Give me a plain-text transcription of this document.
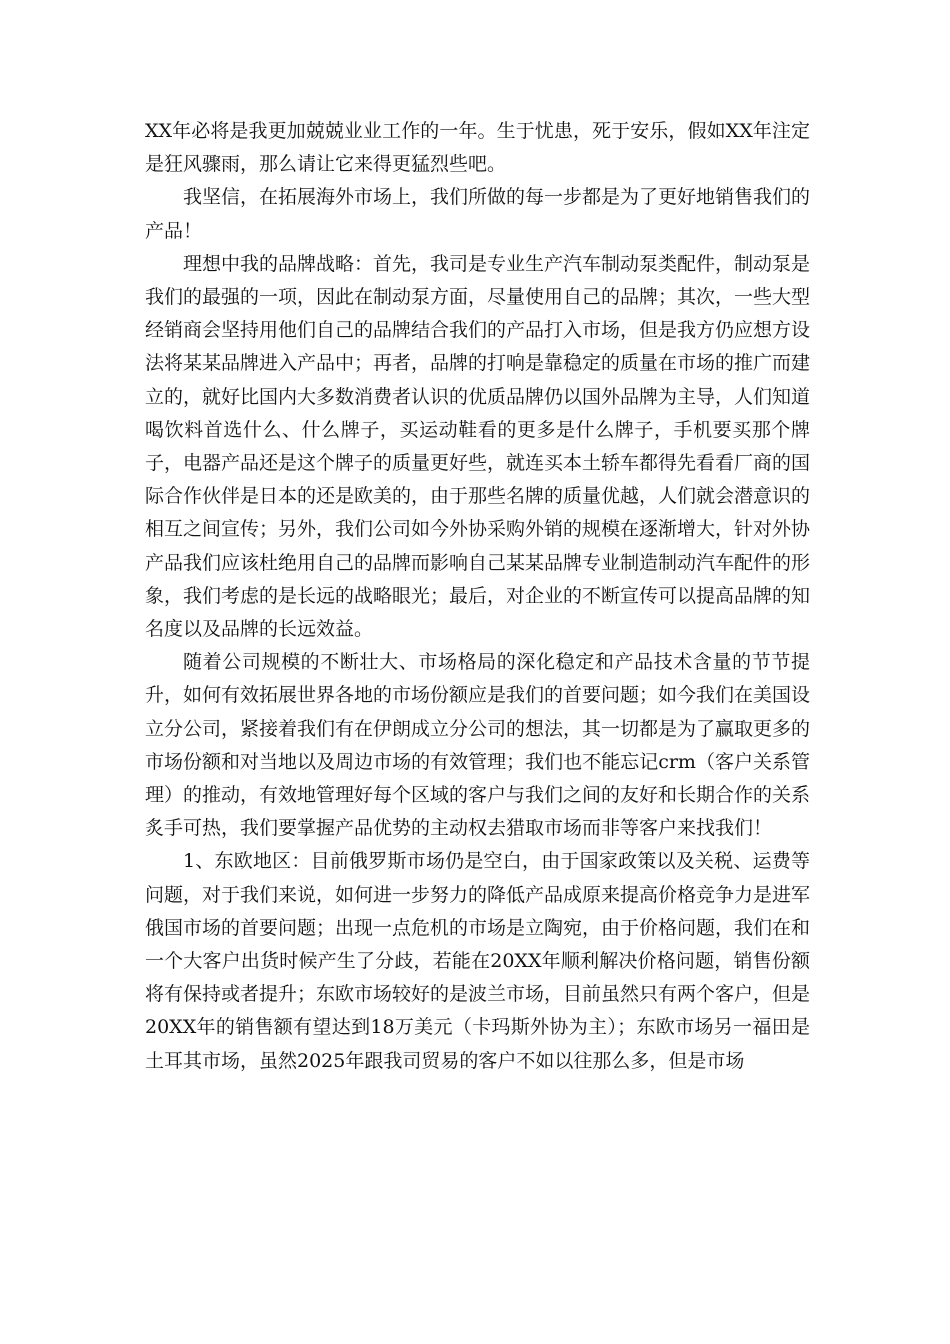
XX年必将是我更加兢兢业业工作的一年。生于忧患，死于安乐，假如XX年注定是狂风骤雨，那么请让它来得更猛烈些吧。

我坚信，在拓展海外市场上，我们所做的每一步都是为了更好地销售我们的产品！

理想中我的品牌战略：首先，我司是专业生产汽车制动泵类配件，制动泵是我们的最强的一项，因此在制动泵方面，尽量使用自己的品牌；其次，一些大型经销商会坚持用他们自己的品牌结合我们的产品打入市场，但是我方仍应想方设法将某某品牌进入产品中；再者，品牌的打响是靠稳定的质量在市场的推广而建立的，就好比国内大多数消费者认识的优质品牌仍以国外品牌为主导，人们知道喝饮料首选什么、什么牌子，买运动鞋看的更多是什么牌子，手机要买那个牌子，电器产品还是这个牌子的质量更好些，就连买本土轿车都得先看看厂商的国际合作伙伴是日本的还是欧美的，由于那些名牌的质量优越，人们就会潜意识的相互之间宣传；另外，我们公司如今外协采购外销的规模在逐渐增大，针对外协产品我们应该杜绝用自己的品牌而影响自己某某品牌专业制造制动汽车配件的形象，我们考虑的是长远的战略眼光；最后，对企业的不断宣传可以提高品牌的知名度以及品牌的长远效益。

随着公司规模的不断壮大、市场格局的深化稳定和产品技术含量的节节提升，如何有效拓展世界各地的市场份额应是我们的首要问题；如今我们在美国设立分公司，紧接着我们有在伊朗成立分公司的想法，其一切都是为了赢取更多的市场份额和对当地以及周边市场的有效管理；我们也不能忘记crm（客户关系管理）的推动，有效地管理好每个区域的客户与我们之间的友好和长期合作的关系炙手可热，我们要掌握产品优势的主动权去猎取市场而非等客户来找我们！

1、东欧地区：目前俄罗斯市场仍是空白，由于国家政策以及关税、运费等问题，对于我们来说，如何进一步努力的降低产品成原来提高价格竞争力是进军俄国市场的首要问题；出现一点危机的市场是立陶宛，由于价格问题，我们在和一个大客户出货时候产生了分歧，若能在20XX年顺利解决价格问题，销售份额将有保持或者提升；东欧市场较好的是波兰市场，目前虽然只有两个客户，但是20XX年的销售额有望达到18万美元（卡玛斯外协为主）；东欧市场另一福田是土耳其市场，虽然2025年跟我司贸易的客户不如以往那么多，但是市场
